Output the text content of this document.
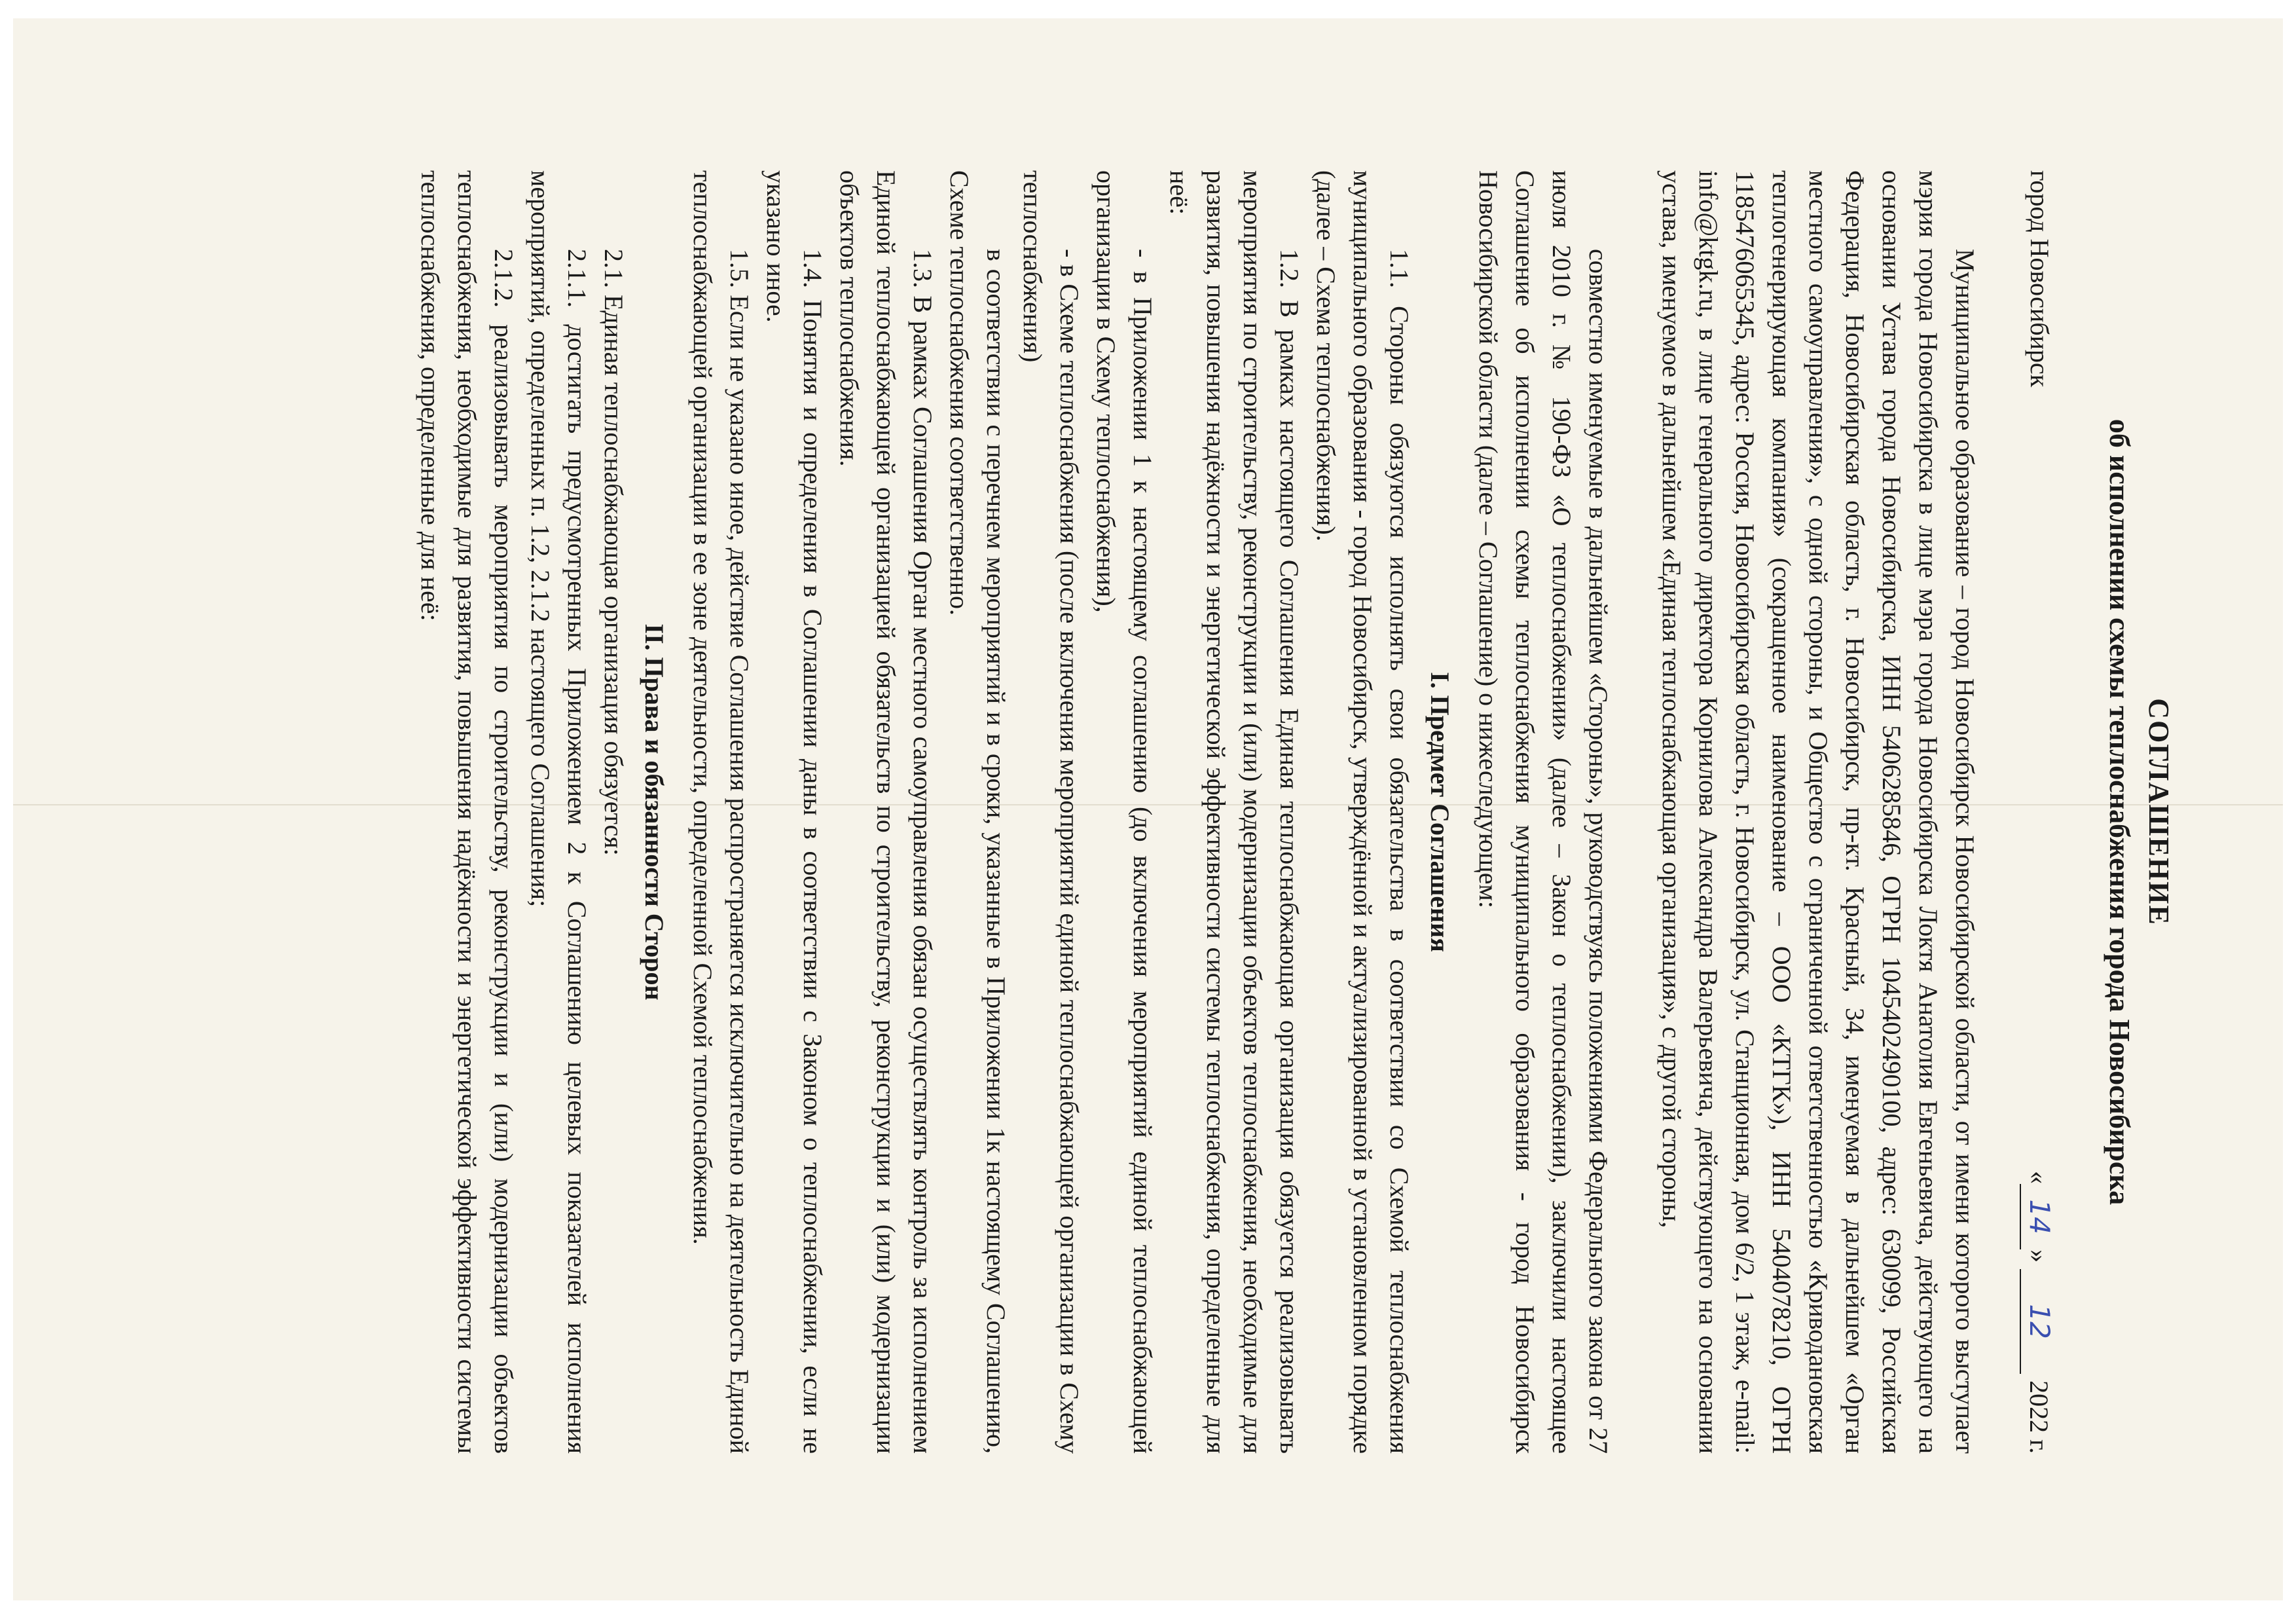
СОГЛАШЕНИЕ

об исполнении схемы теплоснабжения города Новосибирска

город Новосибирск
«14» 12 2022 г.

Муниципальное образование – город Новосибирск Новосибирской области, от имени которого выступает мэрия города Новосибирска в лице мэра города Новосибирска Локтя Анатолия Евгеньевича, действующего на основании Устава города Новосибирска, ИНН 5406285846, ОГРН 1045402490100, адрес: 630099, Российская Федерация, Новосибирская область, г. Новосибирск, пр-кт. Красный, 34, именуемая в дальнейшем «Орган местного самоуправления», с одной стороны, и Общество с ограниченной ответственностью «Криводановская теплогенерирующая компания» (сокращенное наименование – ООО «КТГК»), ИНН 5404078210, ОГРН 1185476065345, адрес: Россия, Новосибирская область, г. Новосибирск, ул. Станционная, дом 6/2, 1 этаж, e-mail: info@ktgk.ru, в лице генерального директора Корнилова Александра Валерьевича, действующего на основании устава, именуемое в дальнейшем «Единая теплоснабжающая организация», с другой стороны,

совместно именуемые в дальнейшем «Стороны», руководствуясь положениями Федерального закона от 27 июля 2010 г. № 190-ФЗ «О теплоснабжении» (далее – Закон о теплоснабжении), заключили настоящее Соглашение об исполнении схемы теплоснабжения муниципального образования - город Новосибирск Новосибирской области (далее – Соглашение) о нижеследующем:

I. Предмет Соглашения

1.1. Стороны обязуются исполнять свои обязательства в соответствии со Схемой теплоснабжения муниципального образования - город Новосибирск, утверждённой и актуализированной в установленном порядке (далее – Схема теплоснабжения).

1.2. В рамках настоящего Соглашения Единая теплоснабжающая организация обязуется реализовывать мероприятия по строительству, реконструкции и (или) модернизации объектов теплоснабжения, необходимые для развития, повышения надёжности и энергетической эффективности системы теплоснабжения, определенные для неё:

- в Приложении 1 к настоящему соглашению (до включения мероприятий единой теплоснабжающей организации в Схему теплоснабжения),

- в Схеме теплоснабжения (после включения мероприятий единой теплоснабжающей организации в Схему теплоснабжения)

в соответствии с перечнем мероприятий и в сроки, указанные в Приложении 1к настоящему Соглашению, Схеме теплоснабжения соответственно.

1.3. В рамках Соглашения Орган местного самоуправления обязан осуществлять контроль за исполнением Единой теплоснабжающей организацией обязательств по строительству, реконструкции и (или) модернизации объектов теплоснабжения.

1.4. Понятия и определения в Соглашении даны в соответствии с Законом о теплоснабжении, если не указано иное.

1.5. Если не указано иное, действие Соглашения распространяется исключительно на деятельность Единой теплоснабжающей организации в ее зоне деятельности, определенной Схемой теплоснабжения.

II. Права и обязанности Сторон

2.1. Единая теплоснабжающая организация обязуется:

2.1.1. достигать предусмотренных Приложением 2 к Соглашению целевых показателей исполнения мероприятий, определенных п. 1.2, 2.1.2 настоящего Соглашения;

2.1.2. реализовывать мероприятия по строительству, реконструкции и (или) модернизации объектов теплоснабжения, необходимые для развития, повышения надёжности и энергетической эффективности системы теплоснабжения, определенные для неё:
